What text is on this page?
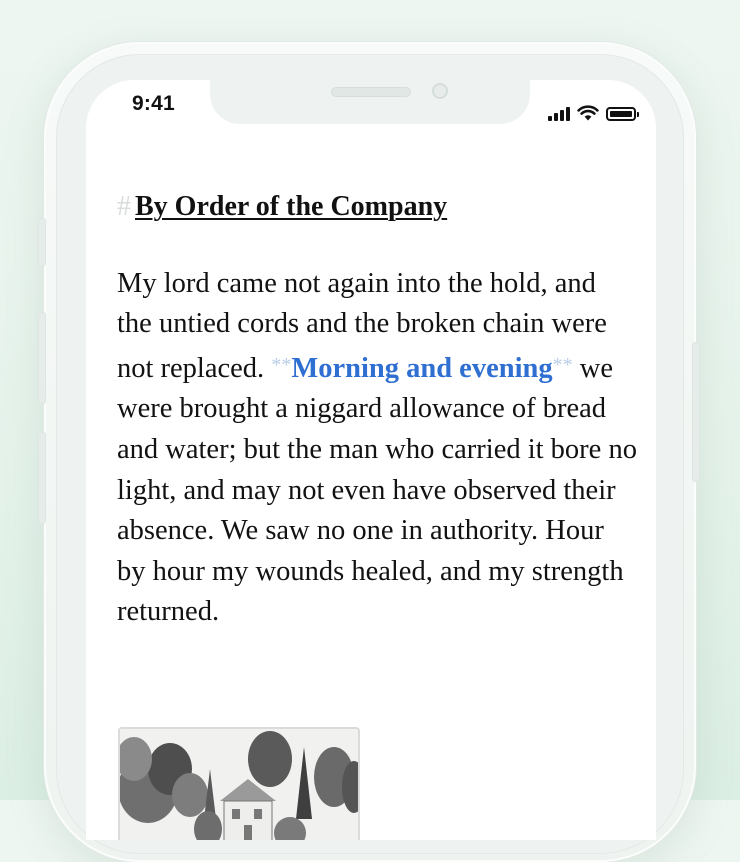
9:41
# By Order of the Company

My lord came not again into the hold, and the untied cords and the broken chain were not replaced. **Morning and evening** we were brought a niggard allowance of bread and water; but the man who carried it bore no light, and may not even have observed their absence. We saw no one in authority. Hour by hour my wounds healed, and my strength returned.
